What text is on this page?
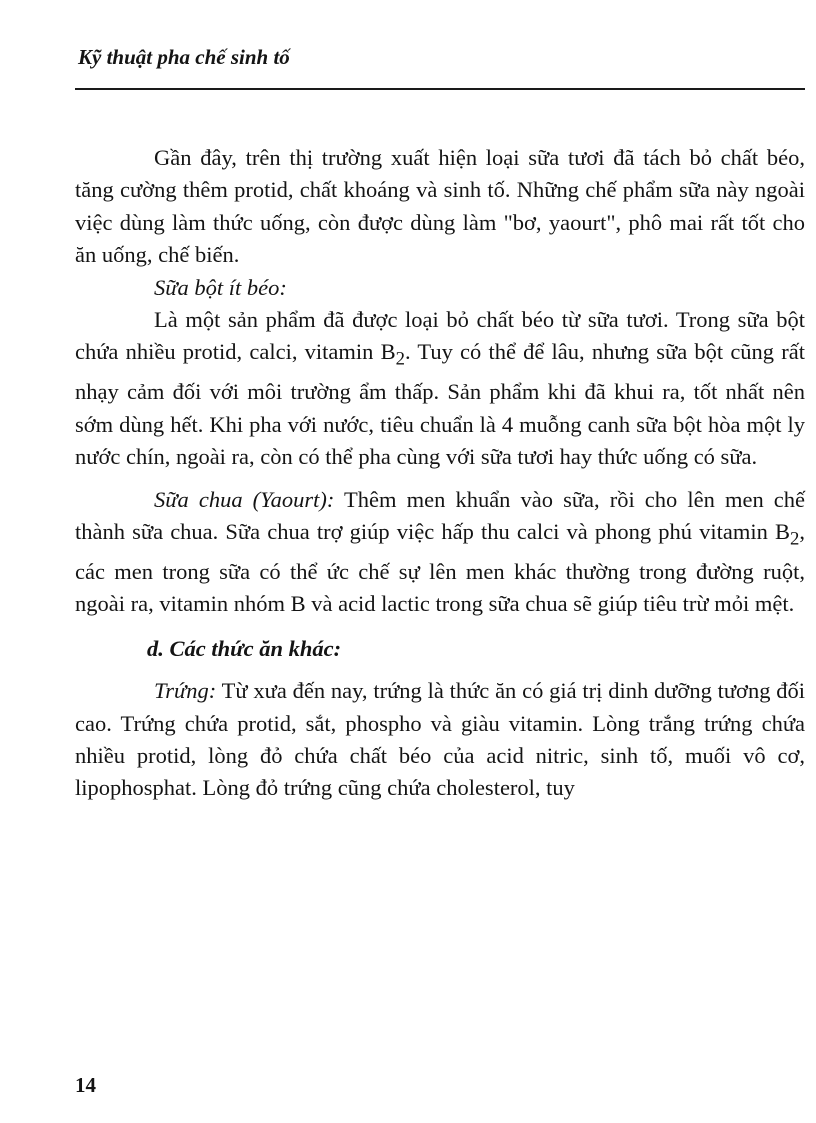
Kỹ thuật pha chế sinh tố

Gần đây, trên thị trường xuất hiện loại sữa tươi đã tách bỏ chất béo, tăng cường thêm protid, chất khoáng và sinh tố. Những chế phẩm sữa này ngoài việc dùng làm thức uống, còn được dùng làm "bơ, yaourt", phô mai rất tốt cho ăn uống, chế biến.

Sữa bột ít béo:

Là một sản phẩm đã được loại bỏ chất béo từ sữa tươi. Trong sữa bột chứa nhiều protid, calci, vitamin $B_2$. Tuy có thể để lâu, nhưng sữa bột cũng rất nhạy cảm đối với môi trường ẩm thấp. Sản phẩm khi đã khui ra, tốt nhất nên sớm dùng hết. Khi pha với nước, tiêu chuẩn là 4 muỗng canh sữa bột hòa một ly nước chín, ngoài ra, còn có thể pha cùng với sữa tươi hay thức uống có sữa.

Sữa chua (Yaourt): Thêm men khuẩn vào sữa, rồi cho lên men chế thành sữa chua. Sữa chua trợ giúp việc hấp thu calci và phong phú vitamin $B_2$, các men trong sữa có thể ức chế sự lên men khác thường trong đường ruột, ngoài ra, vitamin nhóm B và acid lactic trong sữa chua sẽ giúp tiêu trừ mỏi mệt.

d. Các thức ăn khác:

Trứng: Từ xưa đến nay, trứng là thức ăn có giá trị dinh dưỡng tương đối cao. Trứng chứa protid, sắt, phospho và giàu vitamin. Lòng trắng trứng chứa nhiều protid, lòng đỏ chứa chất béo của acid nitric, sinh tố, muối vô cơ, lipophosphat. Lòng đỏ trứng cũng chứa cholesterol, tuy

14
